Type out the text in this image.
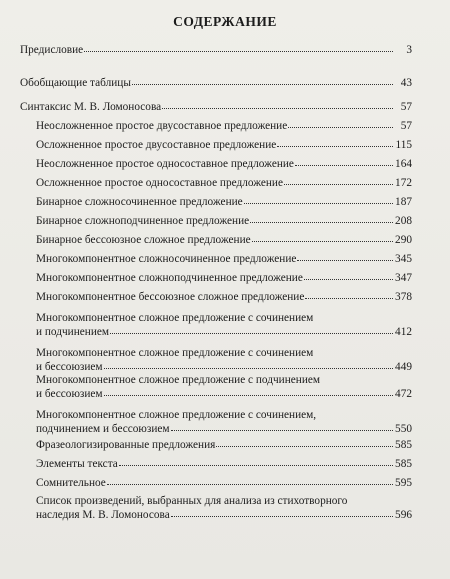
СОДЕРЖАНИЕ
Предисловие	3
Обобщающие таблицы	43
Синтаксис М. В. Ломоносова	57
Неосложненное простое двусоставное предложение	57
Осложненное простое двусоставное предложение	115
Неосложненное простое односоставное предложение	164
Осложненное простое односоставное предложение	172
Бинарное сложносочиненное предложение	187
Бинарное сложноподчиненное предложение	208
Бинарное бессоюзное сложное предложение	290
Многокомпонентное сложносочиненное предложение	345
Многокомпонентное сложноподчиненное предложение	347
Многокомпонентное бессоюзное сложное предложение	378
Многокомпонентное сложное предложение с сочинением
и подчинением	412
Многокомпонентное сложное предложение с сочинением
и бессоюзием	449
Многокомпонентное сложное предложение с подчинением
и бессоюзием	472
Многокомпонентное сложное предложение с сочинением,
подчинением и бессоюзием	550
Фразеологизированные предложения	585
Элементы текста	585
Сомнительное	595
Список произведений, выбранных для анализа из стихотворного
наследия М. В. Ломоносова	596
